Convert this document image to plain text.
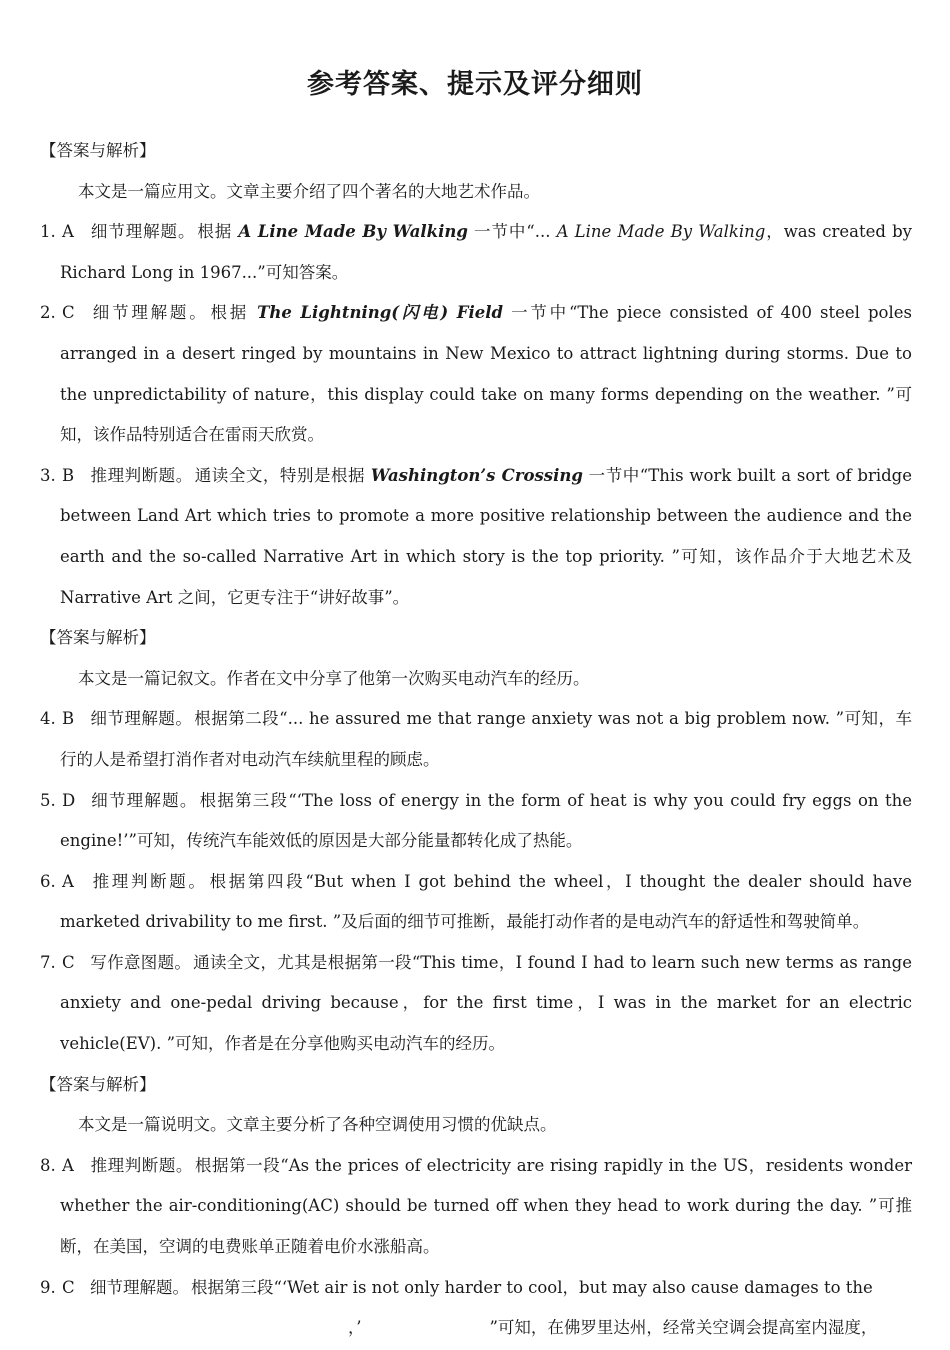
参考答案、提示及评分细则
【答案与解析】
本文是一篇应用文。文章主要介绍了四个著名的大地艺术作品。
1. A 细节理解题。 根据 A Line Made By Walking 一节中“... A Line Made By Walking，was created by Richard Long in 1967...”可知答案。
2. C 细节理解题。 根据 The Lightning(闪电) Field 一节中“The piece consisted of 400 steel poles arranged in a desert ringed by mountains in New Mexico to attract lightning during storms. Due to the unpredictability of nature，this display could take on many forms depending on the weather. ”可知，该作品特别适合在雷雨天欣赏。
3. B 推理判断题。 通读全文，特别是根据 Washington’s Crossing 一节中“This work built a sort of bridge between Land Art which tries to promote a more positive relationship between the audience and the earth and the so-called Narrative Art in which story is the top priority. ”可知，该作品介于大地艺术及 Narrative Art 之间，它更专注于“讲好故事”。
【答案与解析】
本文是一篇记叙文。作者在文中分享了他第一次购买电动汽车的经历。
4. B 细节理解题。 根据第二段“... he assured me that range anxiety was not a big problem now. ”可知，车行的人是希望打消作者对电动汽车续航里程的顾虑。
5. D 细节理解题。 根据第三段“‘The loss of energy in the form of heat is why you could fry eggs on the engine!’”可知，传统汽车能效低的原因是大部分能量都转化成了热能。
6. A 推理判断题。 根据第四段“But when I got behind the wheel，I thought the dealer should have marketed drivability to me first. ”及后面的细节可推断，最能打动作者的是电动汽车的舒适性和驾驶简单。
7. C 写作意图题。 通读全文，尤其是根据第一段“This time，I found I had to learn such new terms as range anxiety and one-pedal driving because，for the first time，I was in the market for an electric vehicle(EV). ”可知，作者是在分享他购买电动汽车的经历。
【答案与解析】
本文是一篇说明文。文章主要分析了各种空调使用习惯的优缺点。
8. A 推理判断题。 根据第一段“As the prices of electricity are rising rapidly in the US，residents wonder whether the air-conditioning(AC) should be turned off when they head to work during the day. ”可推断，在美国，空调的电费账单正随着电价水涨船高。
9. C 细节理解题。 根据第三段“‘Wet air is not only harder to cool，but may also cause damages to the
，’	”可知，在佛罗里达州，经常关空调会提高室内湿度，
